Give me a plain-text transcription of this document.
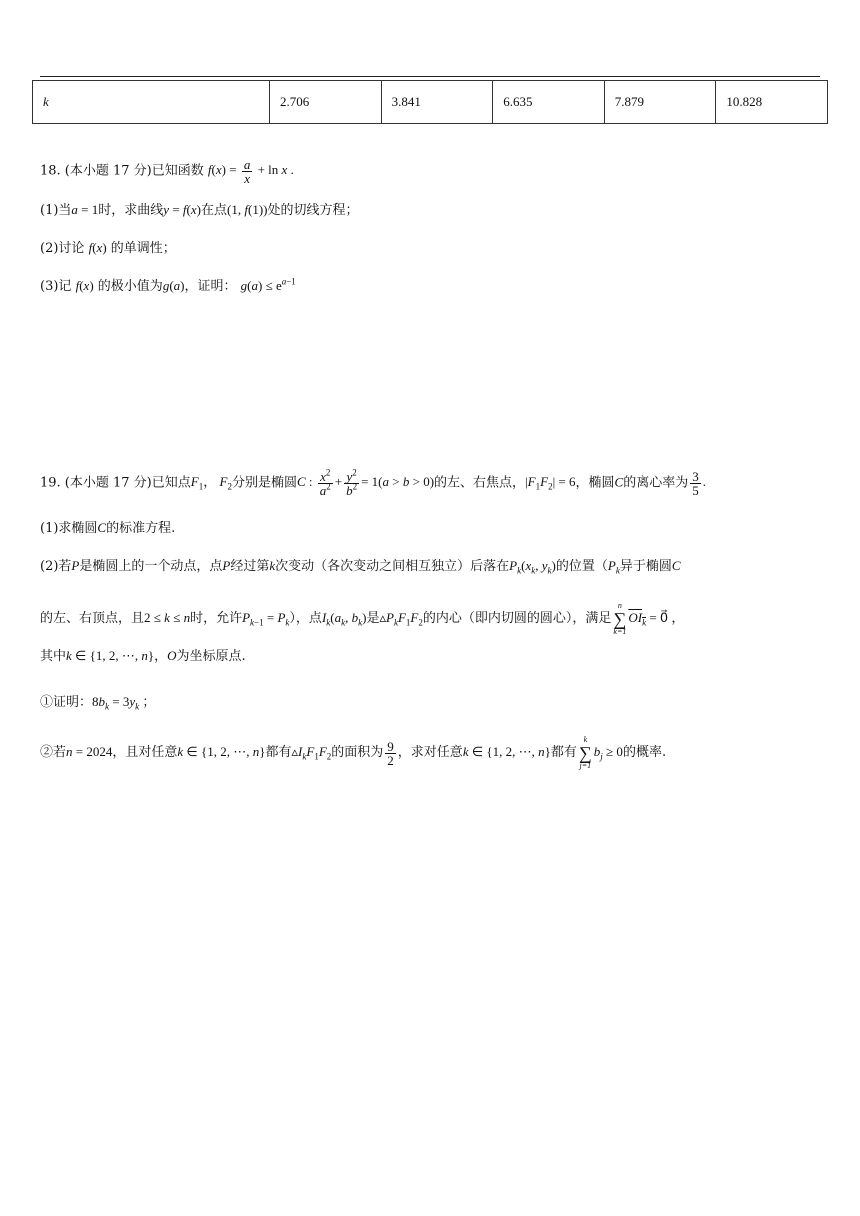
k	2.706	3.841	6.635	7.879	10.828
18. (本小题 17 分)已知函数 $f(x) = \frac{a}{x} + \ln x$ .
(1)当a = 1时，求曲线y = f(x)在点(1, f(1))处的切线方程；
(2)讨论 f(x) 的单调性；
(3)记 f(x) 的极小值为g(a)，证明： $g(a) \le e^{a-1}$
19. (本小题 17 分)已知点$F_1$， $F_2$分别是椭圆C : $\frac{x^2}{a^2} + \frac{y^2}{b^2} = 1(a > b > 0)$的左、右焦点，$|F_1F_2| = 6$，椭圆C的离心率为 $\frac{3}{5}$ .
(1)求椭圆C的标准方程.
(2)若P是椭圆上的一个动点，点P经过第k次变动（各次变动之间相互独立）后落在$P_k(x_k$, $y_k$)的位置（$P_k$异于椭圆C
的左、右顶点，且2 ≤ k ≤ n时，允许$P_{k-1} = P_k$），点$I_k(a_k$, $b_k$)是$▵P_kF_1F_2$的内心（即内切圆的圆心），满足
n
∑
k=1
$OI_k$ = 0⃗ ，
其中k ∈ {1, 2, ⋯, n}，O为坐标原点.
①证明：$8b_k = 3y_k$ ；
②若n = 2024，且对任意k ∈ {1, 2, ⋯, n}都有$▵I_kF_1F_2$的面积为 $\frac{9}{2}$ ，求对任意k ∈ {1, 2, ⋯, n}都有
k
∑
j=1
$b_j \ge 0$的概率.
